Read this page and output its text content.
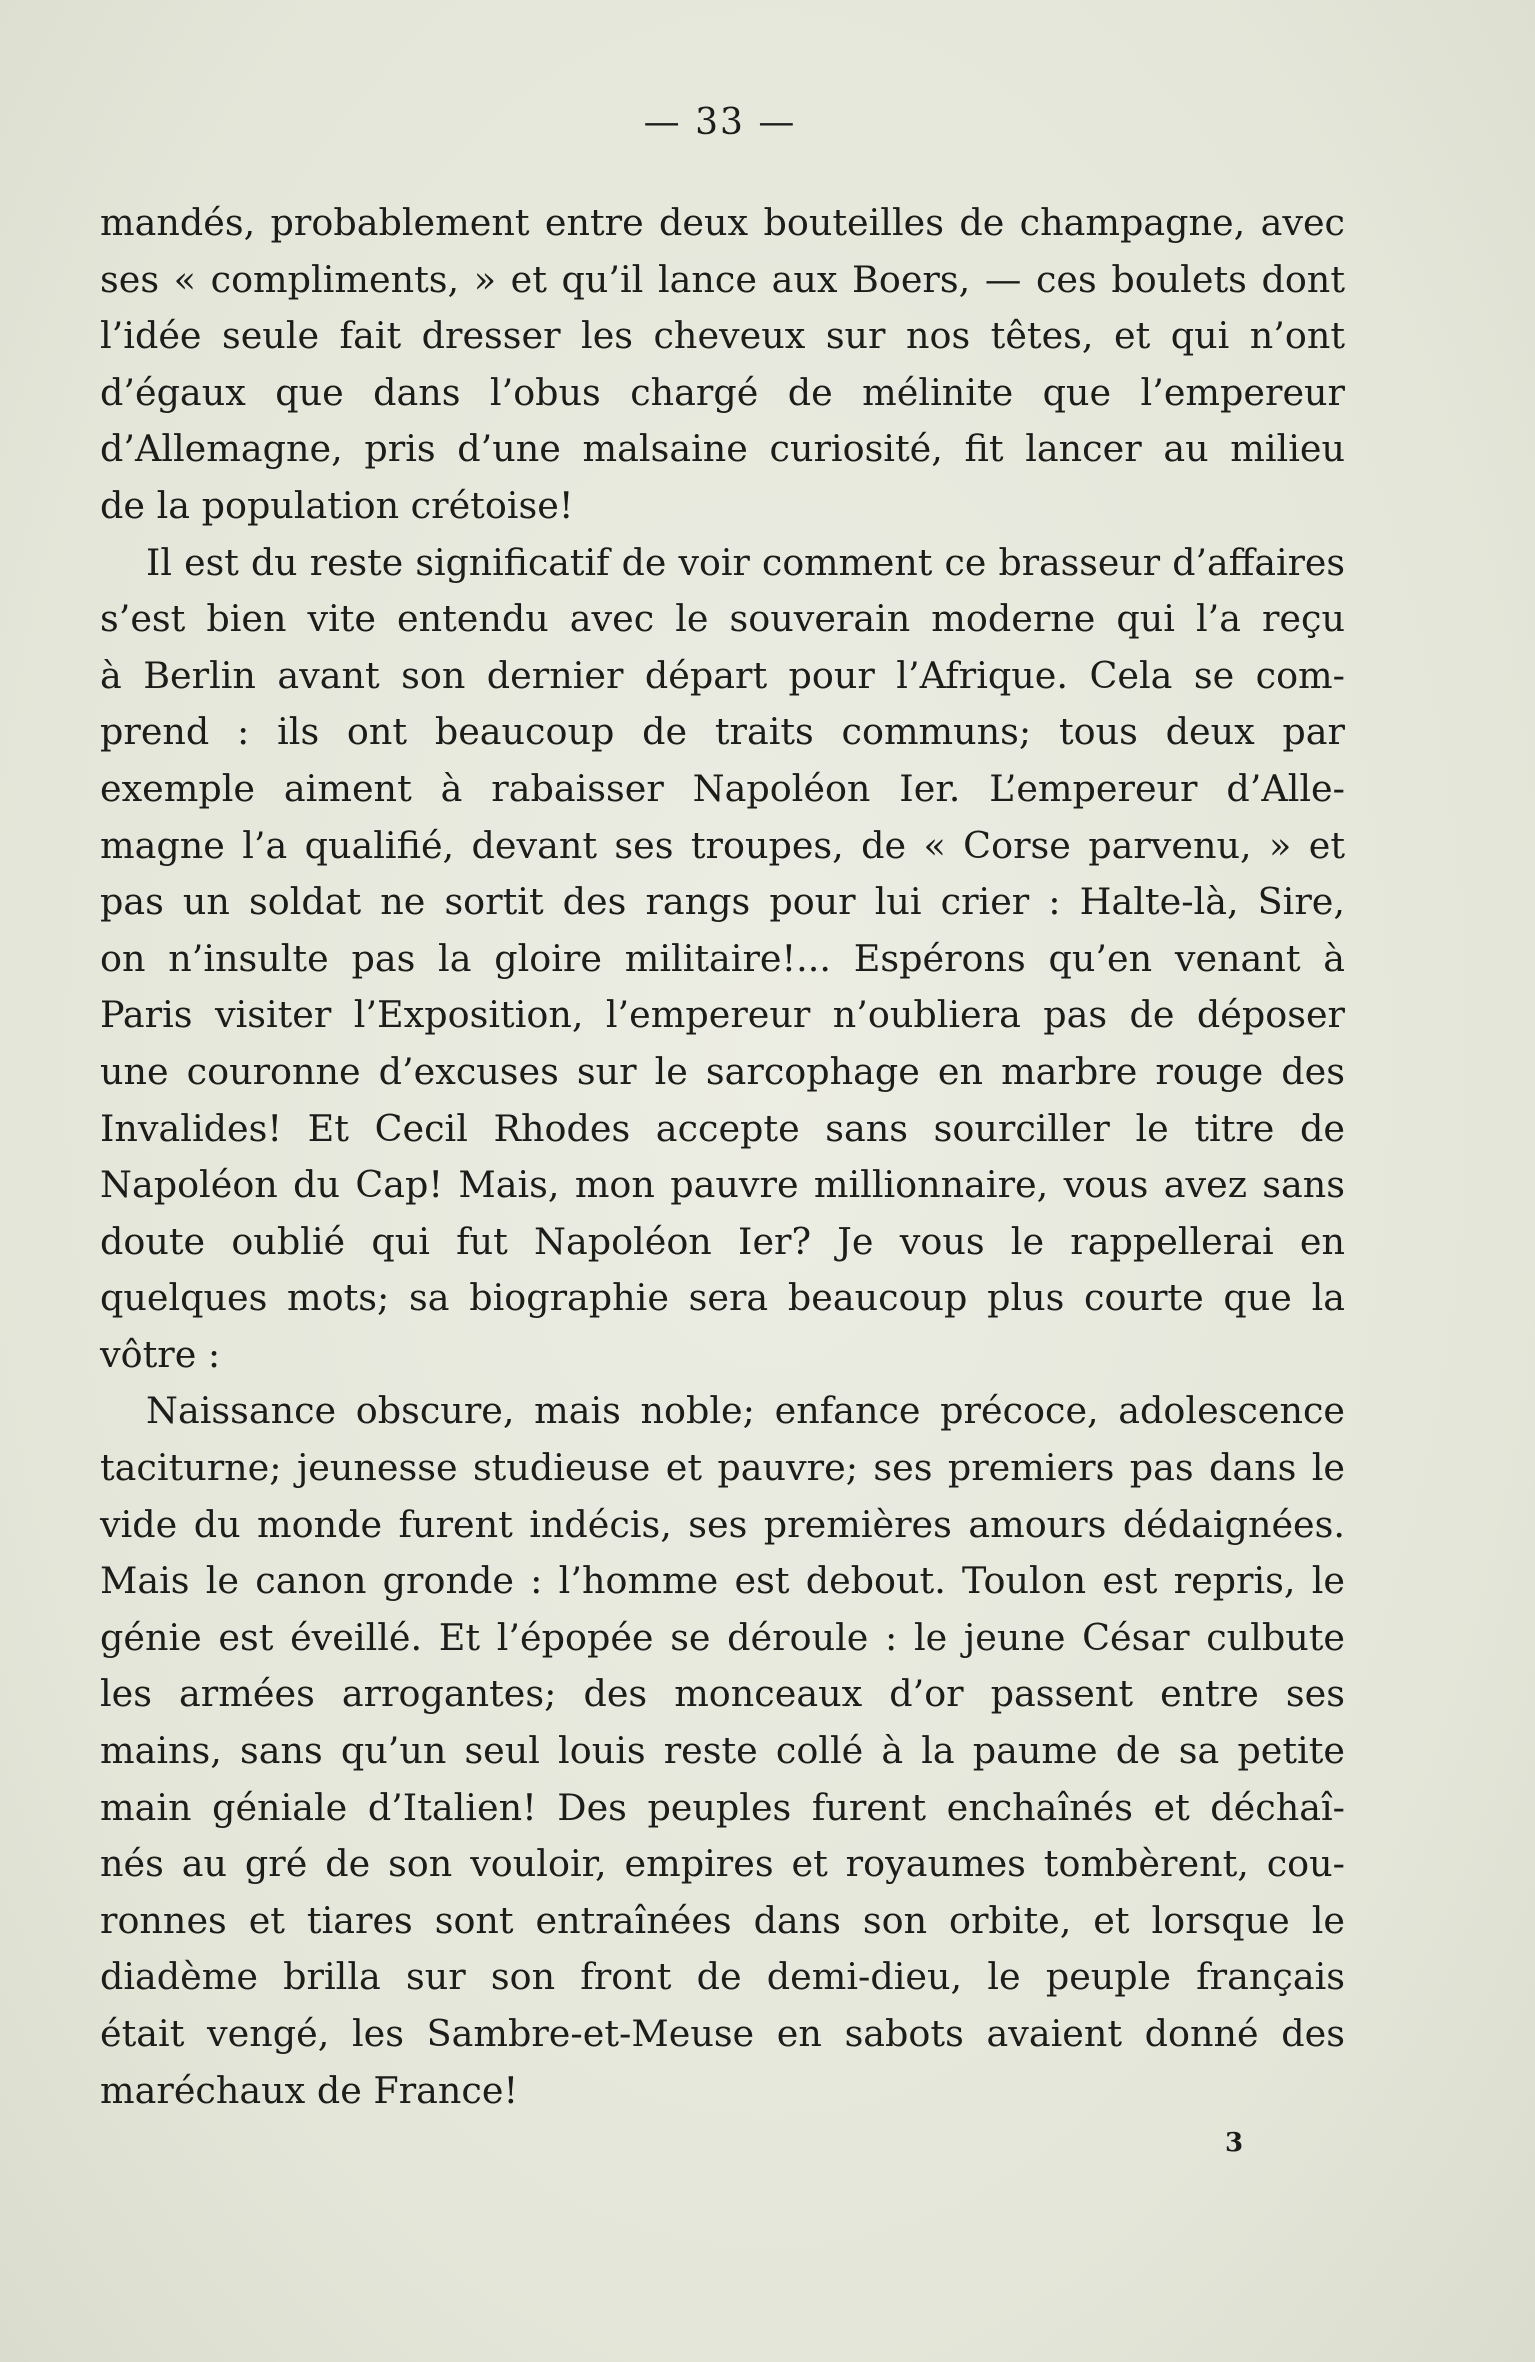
— 33 —
mandés, probablement entre deux bouteilles de champagne, avec
ses « compliments, » et qu’il lance aux Boers, — ces boulets dont
l’idée seule fait dresser les cheveux sur nos têtes, et qui n’ont
d’égaux que dans l’obus chargé de mélinite que l’empereur
d’Allemagne, pris d’une malsaine curiosité, fit lancer au milieu
de la population crétoise!
Il est du reste significatif de voir comment ce brasseur d’affaires
s’est bien vite entendu avec le souverain moderne qui l’a reçu
à Berlin avant son dernier départ pour l’Afrique. Cela se com-
prend : ils ont beaucoup de traits communs; tous deux par
exemple aiment à rabaisser Napoléon Ier. L’empereur d’Alle-
magne l’a qualifié, devant ses troupes, de « Corse parvenu, » et
pas un soldat ne sortit des rangs pour lui crier : Halte-là, Sire,
on n’insulte pas la gloire militaire!... Espérons qu’en venant à
Paris visiter l’Exposition, l’empereur n’oubliera pas de déposer
une couronne d’excuses sur le sarcophage en marbre rouge des
Invalides! Et Cecil Rhodes accepte sans sourciller le titre de
Napoléon du Cap! Mais, mon pauvre millionnaire, vous avez sans
doute oublié qui fut Napoléon Ier? Je vous le rappellerai en
quelques mots; sa biographie sera beaucoup plus courte que la
vôtre :
Naissance obscure, mais noble; enfance précoce, adolescence
taciturne; jeunesse studieuse et pauvre; ses premiers pas dans le
vide du monde furent indécis, ses premières amours dédaignées.
Mais le canon gronde : l’homme est debout. Toulon est repris, le
génie est éveillé. Et l’épopée se déroule : le jeune César culbute
les armées arrogantes; des monceaux d’or passent entre ses
mains, sans qu’un seul louis reste collé à la paume de sa petite
main géniale d’Italien! Des peuples furent enchaînés et déchaî-
nés au gré de son vouloir, empires et royaumes tombèrent, cou-
ronnes et tiares sont entraînées dans son orbite, et lorsque le
diadème brilla sur son front de demi-dieu, le peuple français
était vengé, les Sambre-et-Meuse en sabots avaient donné des
maréchaux de France!
3
